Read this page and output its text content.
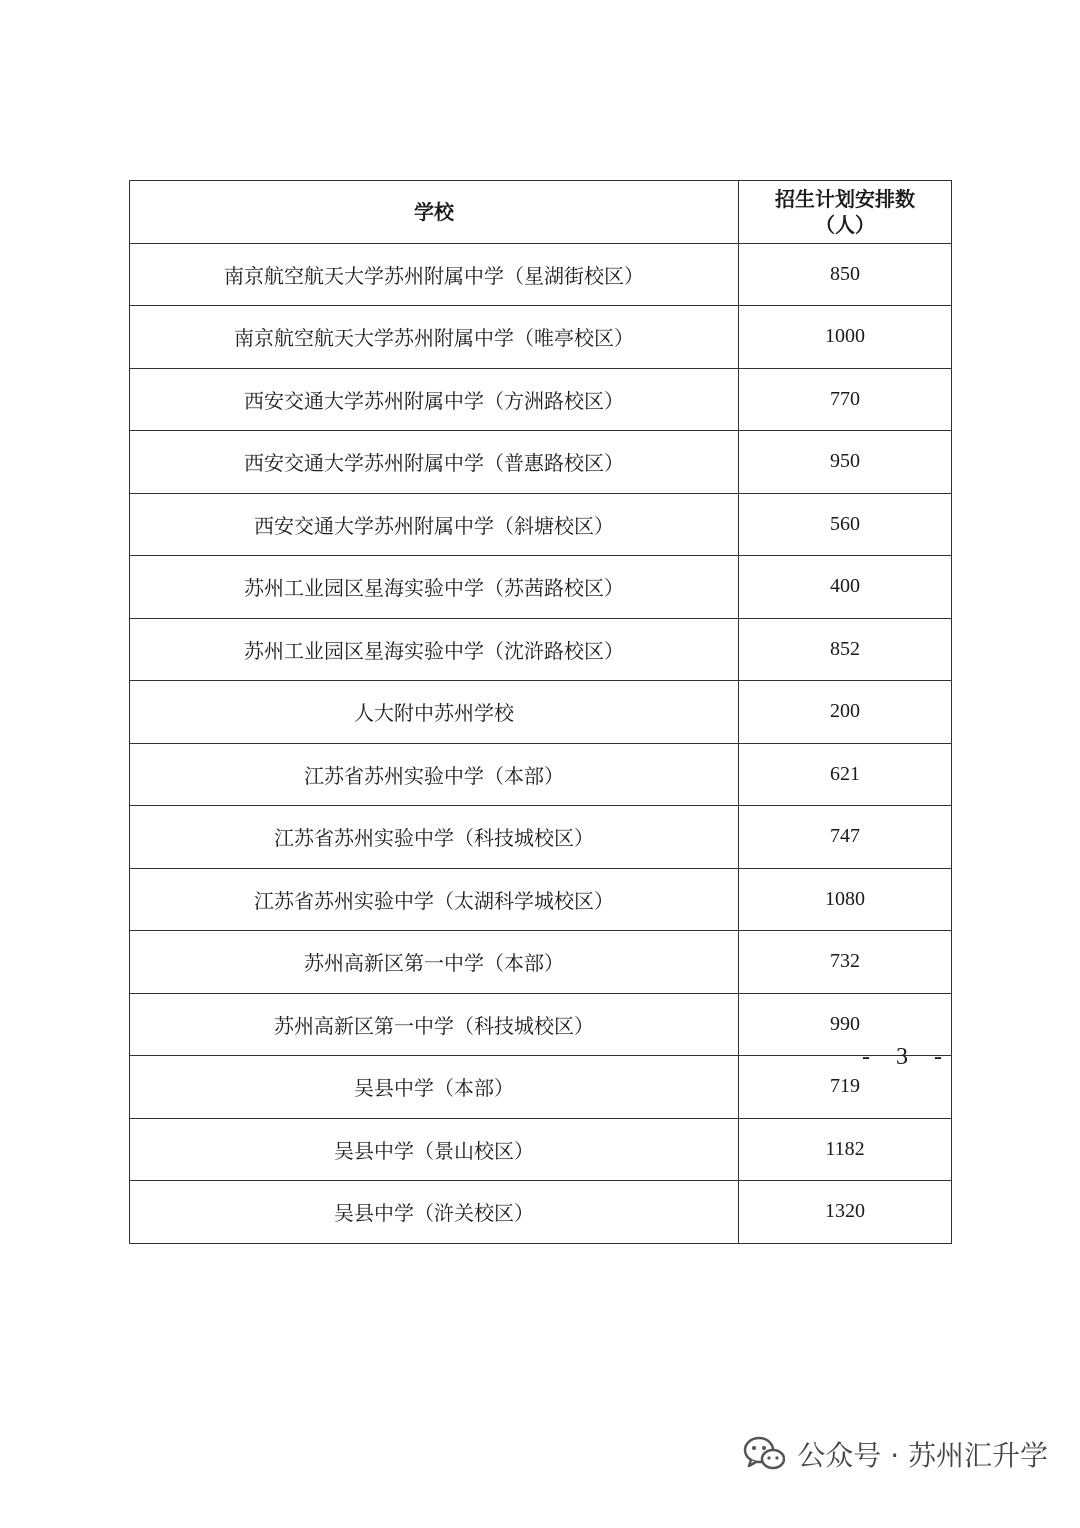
学校	招生计划安排数
（人）

南京航空航天大学苏州附属中学（星湖街校区）	850
南京航空航天大学苏州附属中学（唯亭校区）	1000
西安交通大学苏州附属中学（方洲路校区）	770
西安交通大学苏州附属中学（普惠路校区）	950
西安交通大学苏州附属中学（斜塘校区）	560
苏州工业园区星海实验中学（苏茜路校区）	400
苏州工业园区星海实验中学（沈浒路校区）	852
人大附中苏州学校	200
江苏省苏州实验中学（本部）	621
江苏省苏州实验中学（科技城校区）	747
江苏省苏州实验中学（太湖科学城校区）	1080
苏州高新区第一中学（本部）	732
苏州高新区第一中学（科技城校区）	990
吴县中学（本部）	719
吴县中学（景山校区）	1182
吴县中学（浒关校区）	1320
- 3 -
公众号 · 苏州汇升学
